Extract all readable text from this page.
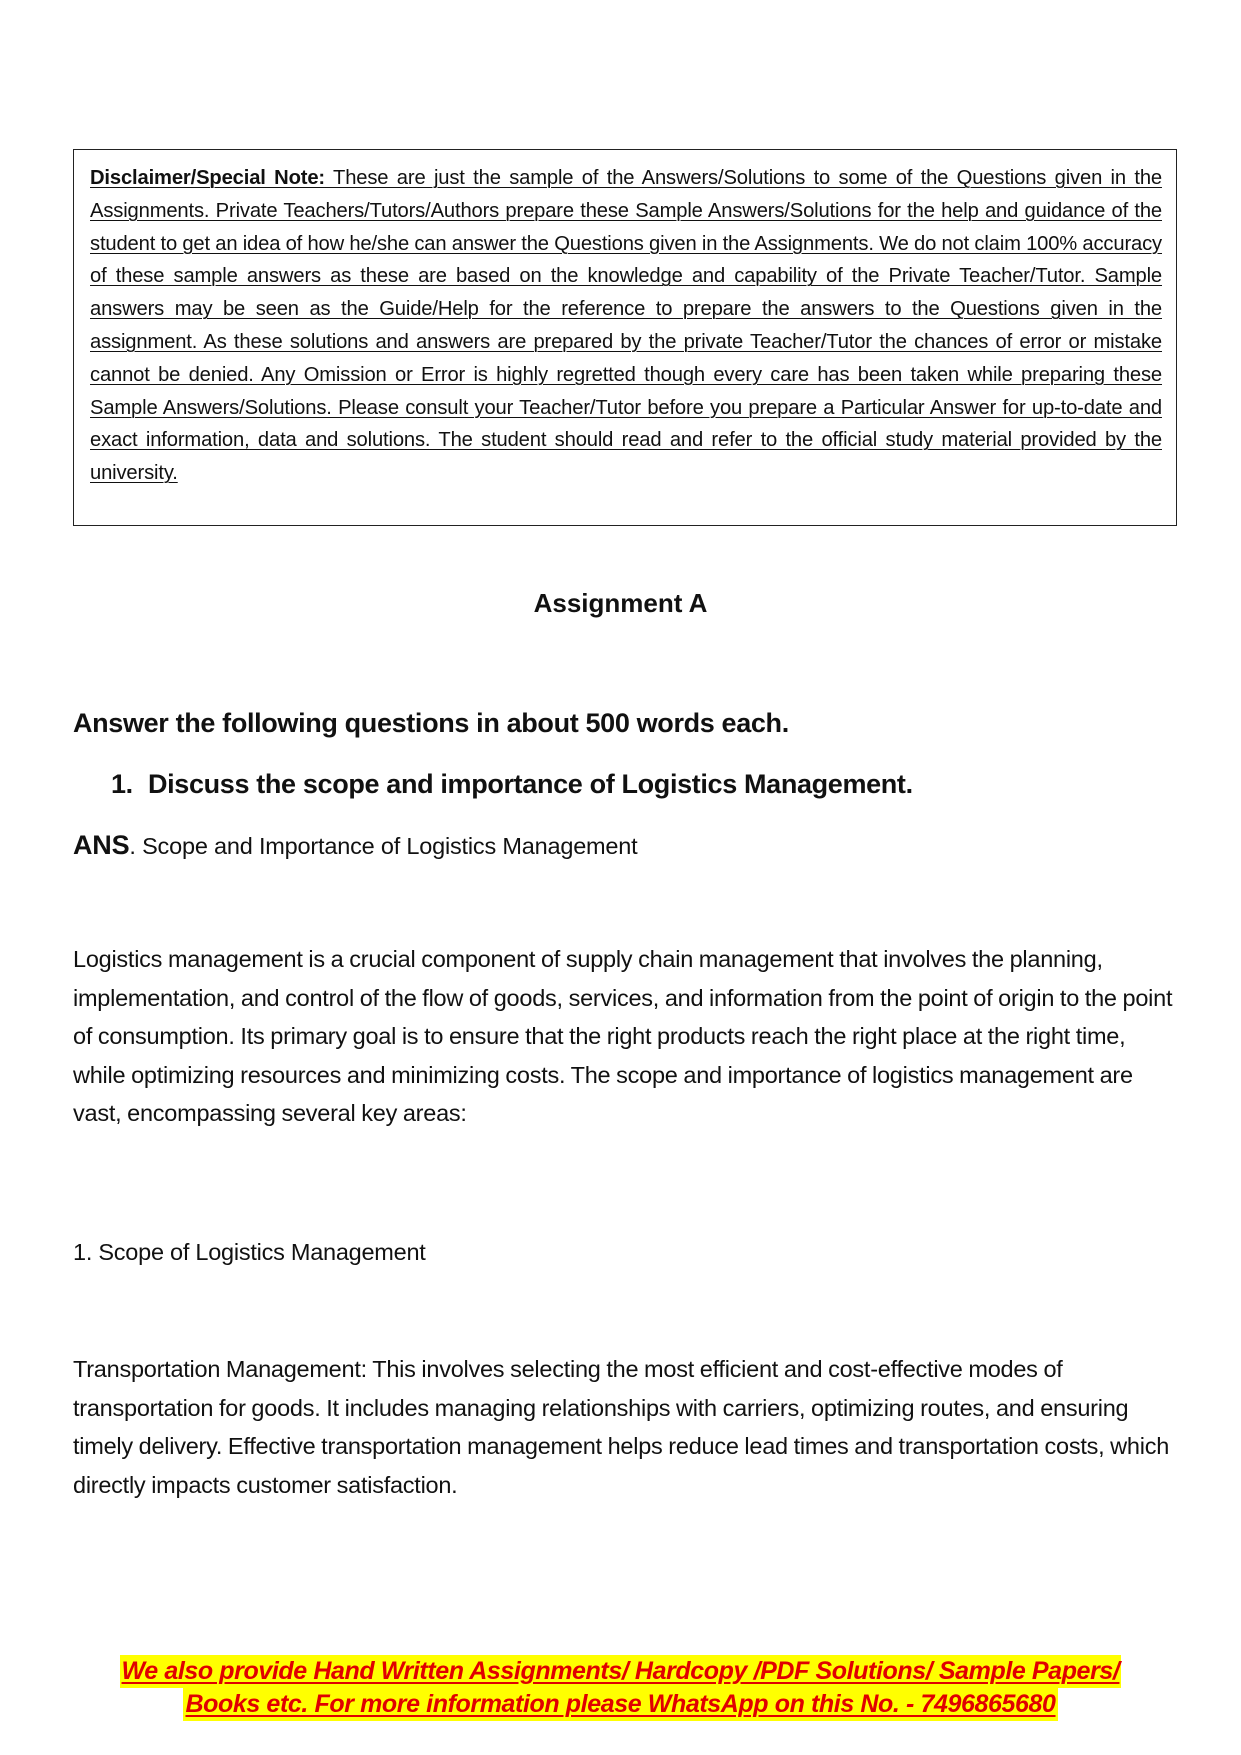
Disclaimer/Special Note: These are just the sample of the Answers/Solutions to some of the Questions given in the Assignments. Private Teachers/Tutors/Authors prepare these Sample Answers/Solutions for the help and guidance of the student to get an idea of how he/she can answer the Questions given in the Assignments. We do not claim 100% accuracy of these sample answers as these are based on the knowledge and capability of the Private Teacher/Tutor. Sample answers may be seen as the Guide/Help for the reference to prepare the answers to the Questions given in the assignment. As these solutions and answers are prepared by the private Teacher/Tutor the chances of error or mistake cannot be denied. Any Omission or Error is highly regretted though every care has been taken while preparing these Sample Answers/Solutions. Please consult your Teacher/Tutor before you prepare a Particular Answer for up-to-date and exact information, data and solutions. The student should read and refer to the official study material provided by the university.

Assignment A

Answer the following questions in about 500 words each.

1. Discuss the scope and importance of Logistics Management.

ANS. Scope and Importance of Logistics Management

Logistics management is a crucial component of supply chain management that involves the planning, implementation, and control of the flow of goods, services, and information from the point of origin to the point of consumption. Its primary goal is to ensure that the right products reach the right place at the right time, while optimizing resources and minimizing costs. The scope and importance of logistics management are vast, encompassing several key areas:

1. Scope of Logistics Management

Transportation Management: This involves selecting the most efficient and cost-effective modes of transportation for goods. It includes managing relationships with carriers, optimizing routes, and ensuring timely delivery. Effective transportation management helps reduce lead times and transportation costs, which directly impacts customer satisfaction.

We also provide Hand Written Assignments/ Hardcopy /PDF Solutions/ Sample Papers/
Books etc. For more information please WhatsApp on this No. - 7496865680
